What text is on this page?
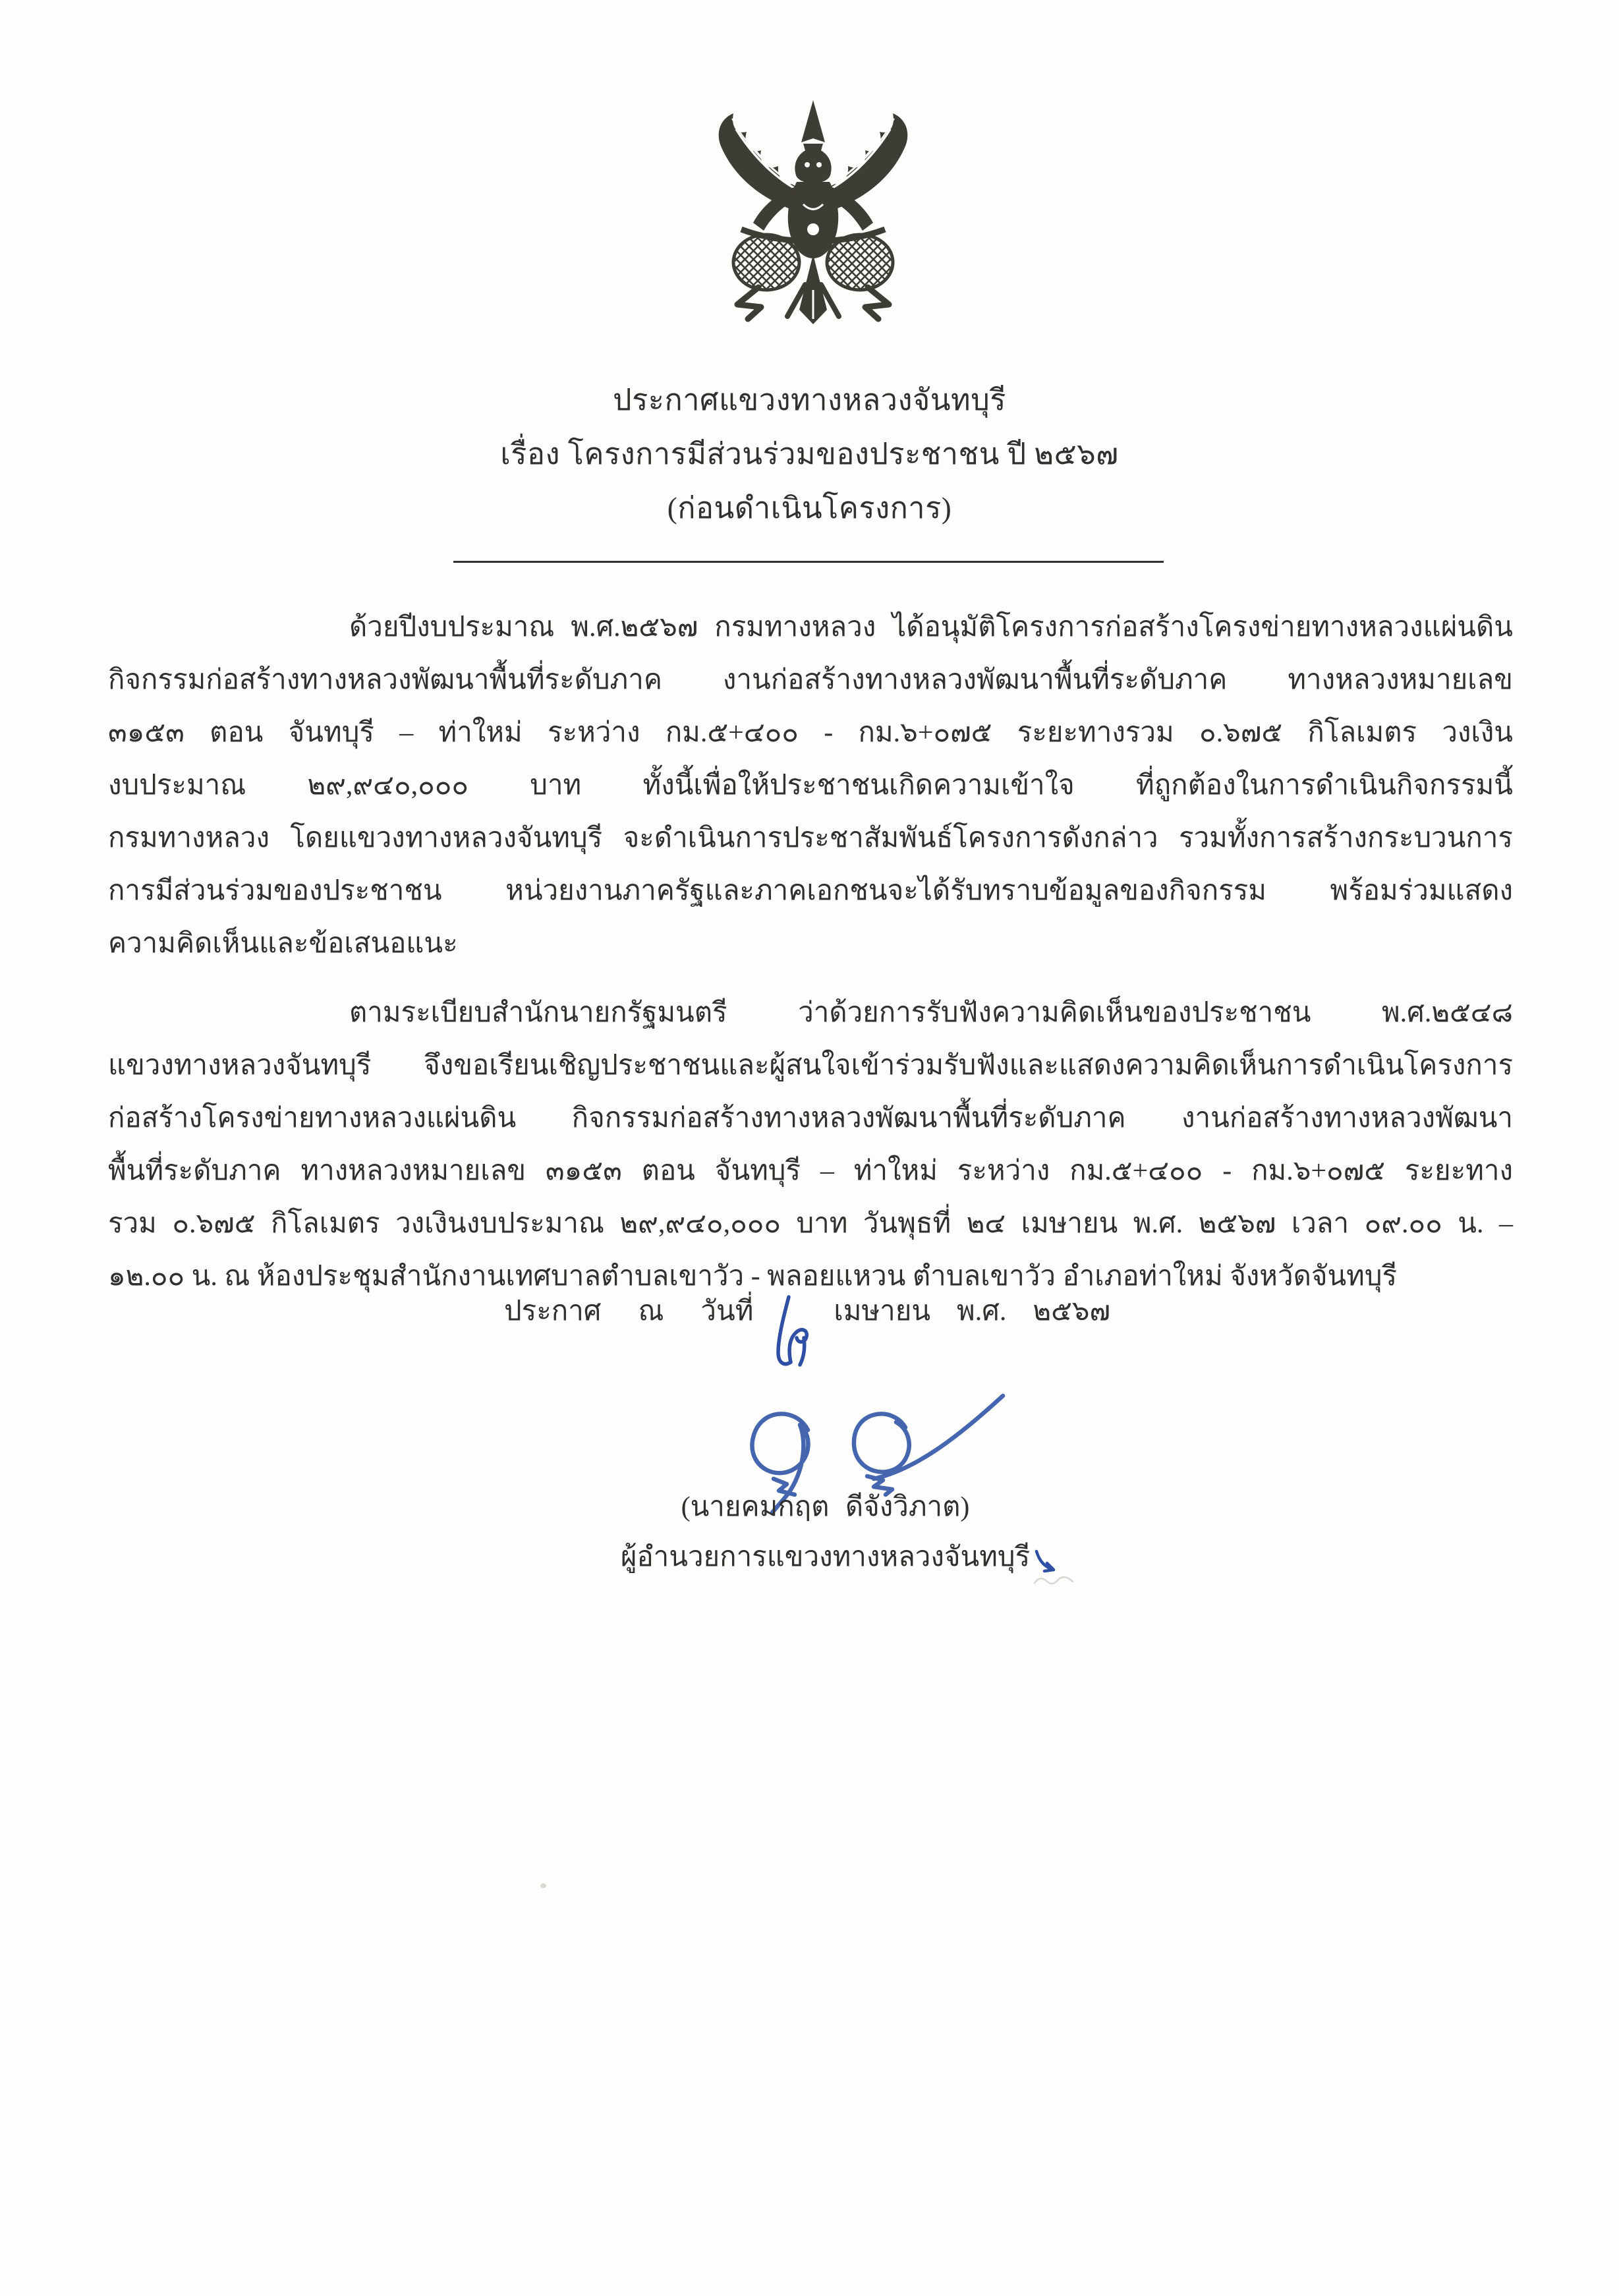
ประกาศแขวงทางหลวงจันทบุรี
เรื่อง โครงการมีส่วนร่วมของประชาชน ปี ๒๕๖๗
(ก่อนดำเนินโครงการ)
ด้วยปีงบประมาณ พ.ศ.๒๕๖๗ กรมทางหลวง ได้อนุมัติโครงการก่อสร้างโครงข่ายทางหลวงแผ่นดิน
กิจกรรมก่อสร้างทางหลวงพัฒนาพื้นที่ระดับภาค งานก่อสร้างทางหลวงพัฒนาพื้นที่ระดับภาค ทางหลวงหมายเลข
๓๑๕๓ ตอน จันทบุรี – ท่าใหม่ ระหว่าง กม.๕+๔๐๐ - กม.๖+๐๗๕ ระยะทางรวม ๐.๖๗๕ กิโลเมตร วงเงิน
งบประมาณ ๒๙,๙๔๐,๐๐๐ บาท ทั้งนี้เพื่อให้ประชาชนเกิดความเข้าใจ ที่ถูกต้องในการดำเนินกิจกรรมนี้
กรมทางหลวง โดยแขวงทางหลวงจันทบุรี จะดำเนินการประชาสัมพันธ์โครงการดังกล่าว รวมทั้งการสร้างกระบวนการ
การมีส่วนร่วมของประชาชน หน่วยงานภาครัฐและภาคเอกชนจะได้รับทราบข้อมูลของกิจกรรม พร้อมร่วมแสดง
ความคิดเห็นและข้อเสนอแนะ
ตามระเบียบสำนักนายกรัฐมนตรี ว่าด้วยการรับฟังความคิดเห็นของประชาชน พ.ศ.๒๕๔๘
แขวงทางหลวงจันทบุรี จึงขอเรียนเชิญประชาชนและผู้สนใจเข้าร่วมรับฟังและแสดงความคิดเห็นการดำเนินโครงการ
ก่อสร้างโครงข่ายทางหลวงแผ่นดิน กิจกรรมก่อสร้างทางหลวงพัฒนาพื้นที่ระดับภาค งานก่อสร้างทางหลวงพัฒนา
พื้นที่ระดับภาค ทางหลวงหมายเลข ๓๑๕๓ ตอน จันทบุรี – ท่าใหม่ ระหว่าง กม.๕+๔๐๐ - กม.๖+๐๗๕ ระยะทาง
รวม ๐.๖๗๕ กิโลเมตร วงเงินงบประมาณ ๒๙,๙๔๐,๐๐๐ บาท วันพุธที่ ๒๔ เมษายน พ.ศ. ๒๕๖๗ เวลา ๐๙.๐๐ น. –
๑๒.๐๐ น. ณ ห้องประชุมสำนักงานเทศบาลตำบลเขาวัว - พลอยแหวน ตำบลเขาวัว อำเภอท่าใหม่ จังหวัดจันทบุรี
ประกาศ ณ วันที่	เมษายน พ.ศ. ๒๕๖๗
(นายคมกฤต ดีจังวิภาต)
ผู้อำนวยการแขวงทางหลวงจันทบุรี
